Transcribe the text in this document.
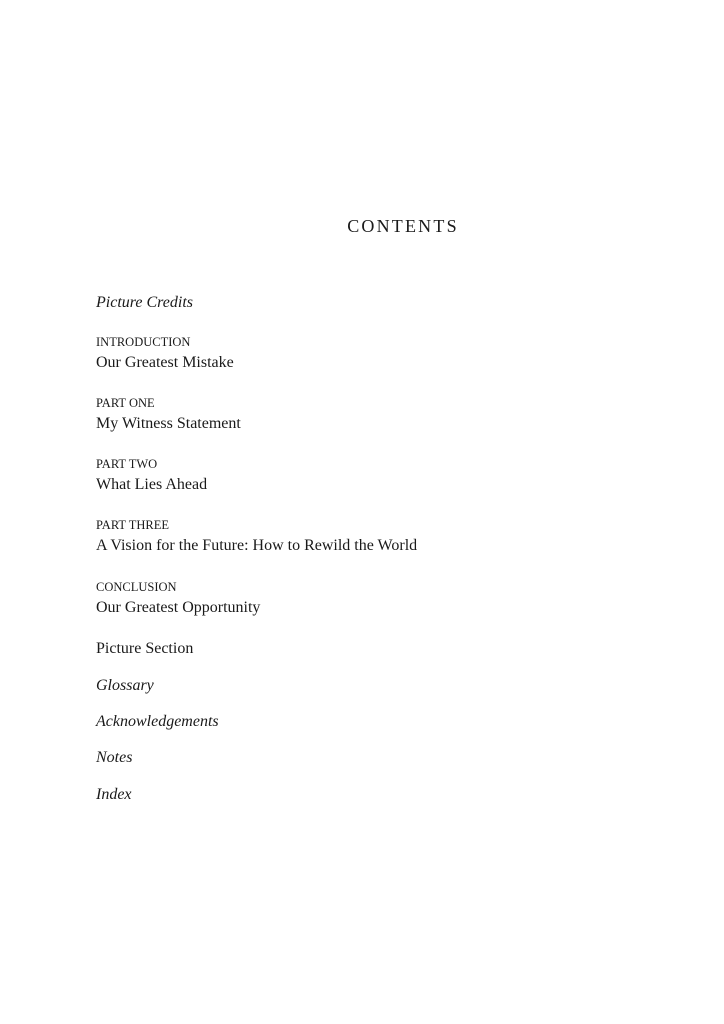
CONTENTS
Picture Credits
INTRODUCTION
Our Greatest Mistake
PART ONE
My Witness Statement
PART TWO
What Lies Ahead
PART THREE
A Vision for the Future: How to Rewild the World
CONCLUSION
Our Greatest Opportunity
Picture Section
Glossary
Acknowledgements
Notes
Index
